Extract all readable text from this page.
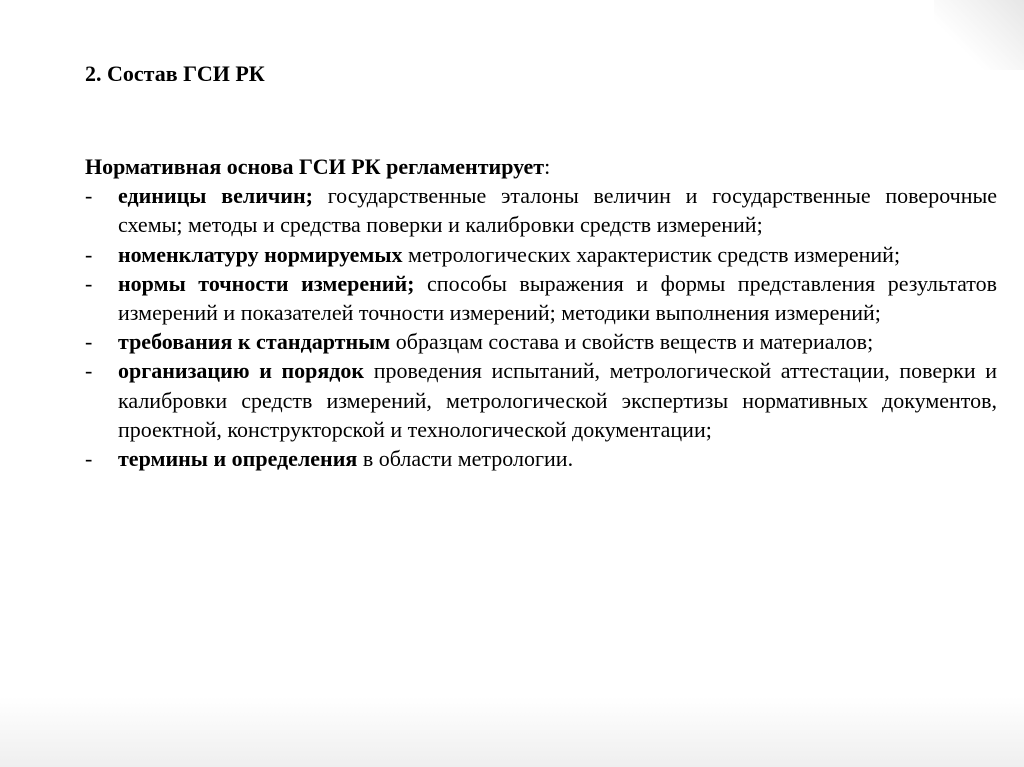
2. Состав ГСИ РК

Нормативная основа ГСИ РК регламентирует:

- единицы величин; государственные эталоны величин и государственные поверочные схемы; методы и средства поверки и калибровки средств измерений;
- номенклатуру нормируемых метрологических характеристик средств измерений;
- нормы точности измерений; способы выражения и формы представления результатов измерений и показателей точности измерений; методики выполнения измерений;
- требования к стандартным образцам состава и свойств веществ и материалов;
- организацию и порядок проведения испытаний, метрологической аттестации, поверки и калибровки средств измерений, метрологической экспертизы нормативных документов, проектной, конструкторской и технологической документации;
- термины и определения в области метрологии.
